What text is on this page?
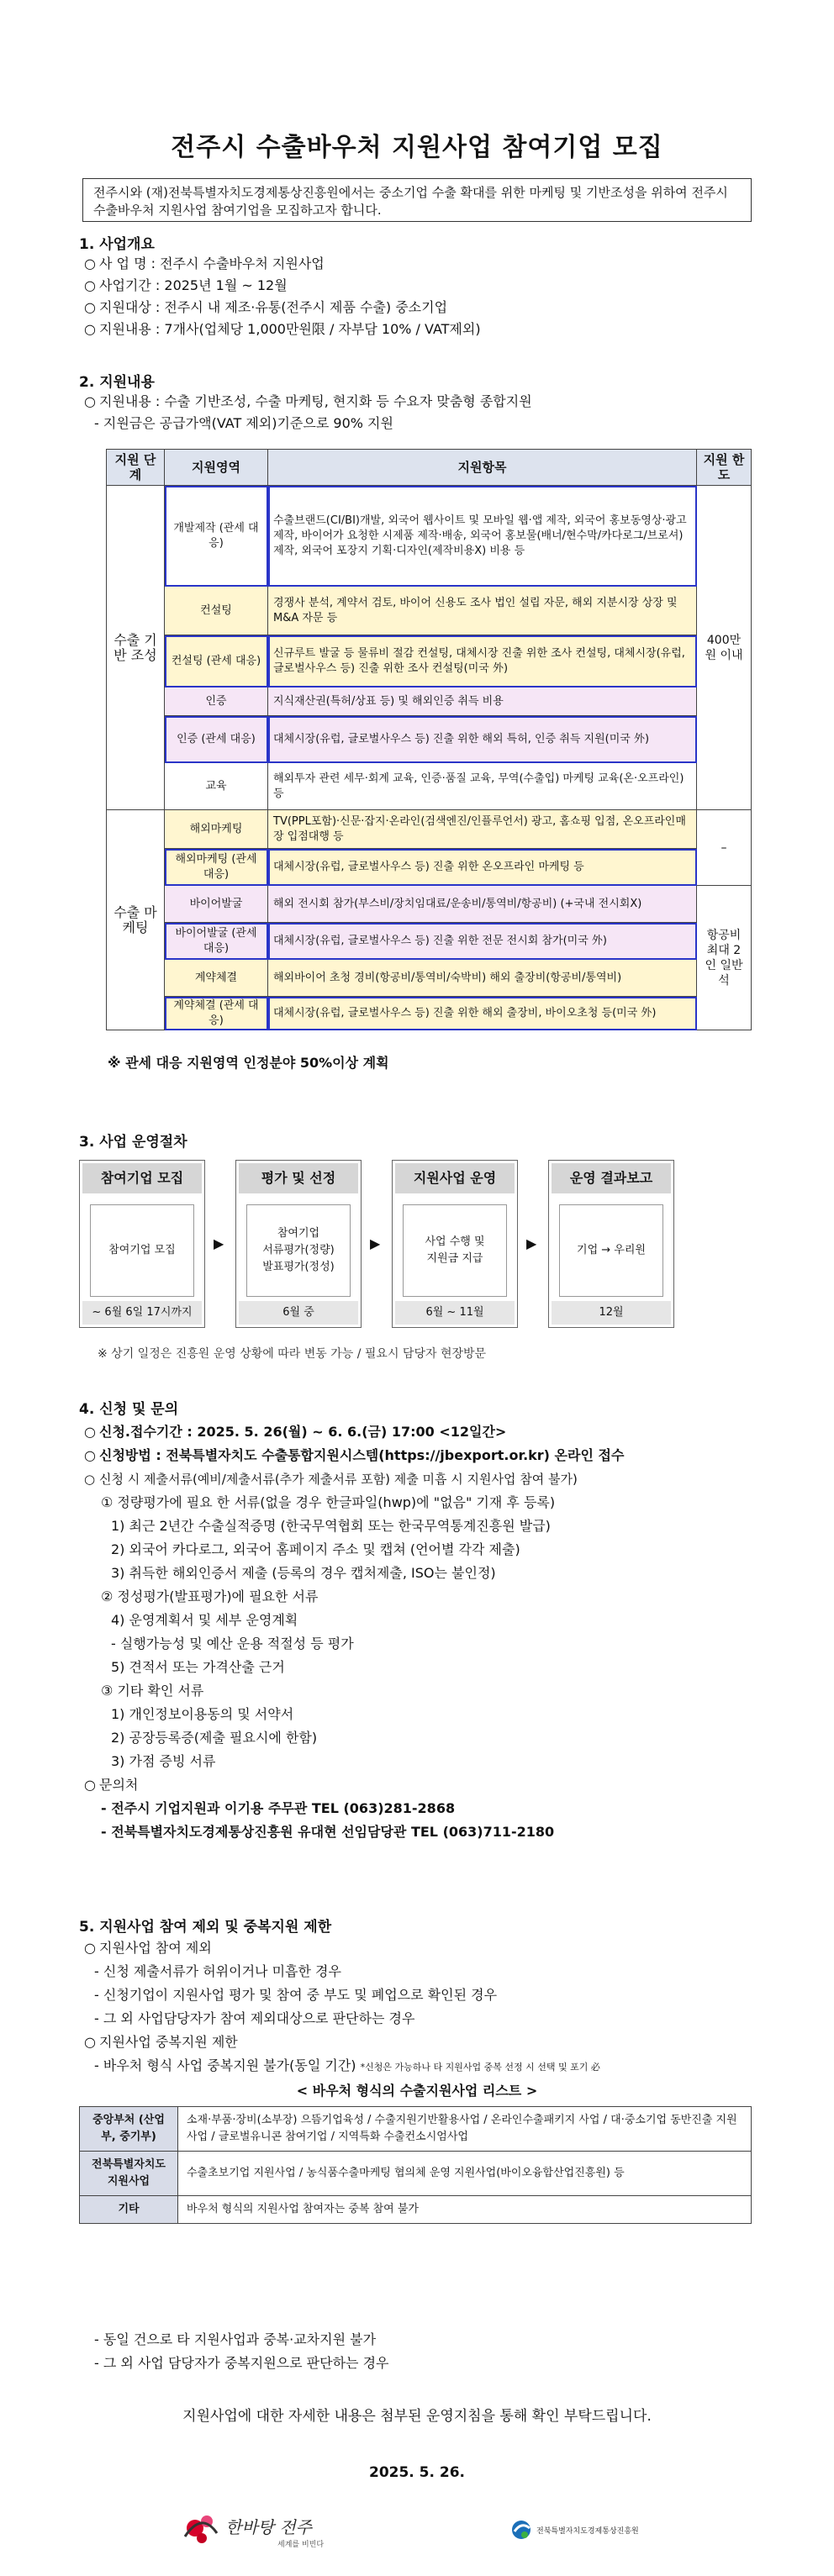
전주시 수출바우처 지원사업 참여기업 모집
전주시와 (재)전북특별자치도경제통상진흥원에서는 중소기업 수출 확대를 위한 마케팅 및 기반조성을 위하여 전주시 수출바우처 지원사업 참여기업을 모집하고자 합니다.
1. 사업개요
○ 사 업 명 : 전주시 수출바우처 지원사업
○ 사업기간 : 2025년 1월 ~ 12월
○ 지원대상 : 전주시 내 제조·유통(전주시 제품 수출) 중소기업
○ 지원내용 : 7개사(업체당 1,000만원限 / 자부담 10% / VAT제외)
2. 지원내용
○ 지원내용 : 수출 기반조성, 수출 마케팅, 현지화 등 수요자 맞춤형 종합지원
- 지원금은 공급가액(VAT 제외)기준으로 90% 지원
지원 단계	지원영역	지원항목	지원 한도
수출 기반 조성	개발제작 (관세 대응)	수출브랜드(CI/BI)개발, 외국어 웹사이트 및 모바일 웹·앱 제작, 외국어 홍보동영상·광고제작, 바이어가 요청한 시제품 제작·배송, 외국어 홍보물(배너/현수막/카다로그/브로셔) 제작, 외국어 포장지 기획·디자인(제작비용X) 비용 등	400만원 이내
	컨설팅	경쟁사 분석, 계약서 검토, 바이어 신용도 조사 법인 설립 자문, 해외 지분시장 상장 및 M&A 자문 등	
	컨설팅 (관세 대응)	신규루트 발굴 등 물류비 절감 컨설팅, 대체시장 진출 위한 조사 컨설팅, 대체시장(유럽, 글로벌사우스 등) 진출 위한 조사 컨설팅(미국 外)	
	인증	지식재산권(특허/상표 등) 및 해외인증 취득 비용	
	인증 (관세 대응)	대체시장(유럽, 글로벌사우스 등) 진출 위한 해외 특허, 인증 취득 지원(미국 外)	
	교육	해외투자 관련 세무·회계 교육, 인증·품질 교육, 무역(수출입) 마케팅 교육(온·오프라인) 등	
수출 마케팅	해외마케팅	TV(PPL포함)·신문·잡지·온라인(검색엔진/인플루언서) 광고, 홈쇼핑 입점, 온오프라인매장 입점대행 등	–
	해외마케팅 (관세 대응)	대체시장(유럽, 글로벌사우스 등) 진출 위한 온오프라인 마케팅 등	
	바이어발굴	해외 전시회 참가(부스비/장치임대료/운송비/통역비/항공비) (+국내 전시회X)	항공비 최대 2인 일반석
	바이어발굴 (관세 대응)	대체시장(유럽, 글로벌사우스 등) 진출 위한 전문 전시회 참가(미국 外)	
	계약체결	해외바이어 초청 경비(항공비/통역비/숙박비) 해외 출장비(항공비/통역비)	
	계약체결 (관세 대응)	대체시장(유럽, 글로벌사우스 등) 진출 위한 해외 출장비, 바이오초청 등(미국 外)	
※ 관세 대응 지원영역 인정분야 50%이상 계획
3. 사업 운영절차
참여기업 모집
참여기업 모집
~ 6월 6일 17시까지
▶
평가 및 선정
참여기업
서류평가(정량)
발표평가(정성)
6월 중
▶
지원사업 운영
사업 수행 및
지원금 지급
6월 ~ 11월
▶
운영 결과보고
기업 → 우리원
12월
※ 상기 일정은 진흥원 운영 상황에 따라 변동 가능 / 필요시 담당자 현장방문
4. 신청 및 문의
○ 신청.접수기간 : 2025. 5. 26(월) ~ 6. 6.(금) 17:00 <12일간>
○ 신청방법 : 전북특별자치도 수출통합지원시스템(https://jbexport.or.kr) 온라인 접수
○ 신청 시 제출서류(예비/제출서류(추가 제출서류 포함) 제출 미흡 시 지원사업 참여 불가)
① 정량평가에 필요 한 서류(없을 경우 한글파일(hwp)에 "없음" 기재 후 등록)
1) 최근 2년간 수출실적증명 (한국무역협회 또는 한국무역통계진흥원 발급)
2) 외국어 카다로그, 외국어 홈페이지 주소 및 캡쳐 (언어별 각각 제출)
3) 취득한 해외인증서 제출 (등록의 경우 캡처제출, ISO는 불인정)
② 정성평가(발표평가)에 필요한 서류
4) 운영계획서 및 세부 운영계획
- 실행가능성 및 예산 운용 적절성 등 평가
5) 견적서 또는 가격산출 근거
③ 기타 확인 서류
1) 개인정보이용동의 및 서약서
2) 공장등록증(제출 필요시에 한함)
3) 가점 증빙 서류
○ 문의처
- 전주시 기업지원과 이기용 주무관 TEL (063)281-2868
- 전북특별자치도경제통상진흥원 유대현 선임담당관 TEL (063)711-2180
5. 지원사업 참여 제외 및 중복지원 제한
○ 지원사업 참여 제외
- 신청 제출서류가 허위이거나 미흡한 경우
- 신청기업이 지원사업 평가 및 참여 중 부도 및 폐업으로 확인된 경우
- 그 외 사업담당자가 참여 제외대상으로 판단하는 경우
○ 지원사업 중복지원 제한
- 바우처 형식 사업 중복지원 불가(동일 기간) *신청은 가능하나 타 지원사업 중복 선정 시 선택 및 포기 必
< 바우처 형식의 수출지원사업 리스트 >
중앙부처 (산업부, 중기부)	소재·부품·장비(소부장) 으뜸기업육성 / 수출지원기반활용사업 / 온라인수출패키지 사업 / 대·중소기업 동반진출 지원사업 / 글로벌유니콘 참여기업 / 지역특화 수출컨소시엄사업
전북특별자치도 지원사업	수출초보기업 지원사업 / 농식품수출마케팅 협의체 운영 지원사업(바이오융합산업진흥원) 등
기타	바우처 형식의 지원사업 참여자는 중복 참여 불가
- 동일 건으로 타 지원사업과 중복·교차지원 불가
- 그 외 사업 담당자가 중복지원으로 판단하는 경우
지원사업에 대한 자세한 내용은 첨부된 운영지침을 통해 확인 부탁드립니다.
2025. 5. 26.
한바탕 전주
세계를 비빈다
전북특별자치도경제통상진흥원
